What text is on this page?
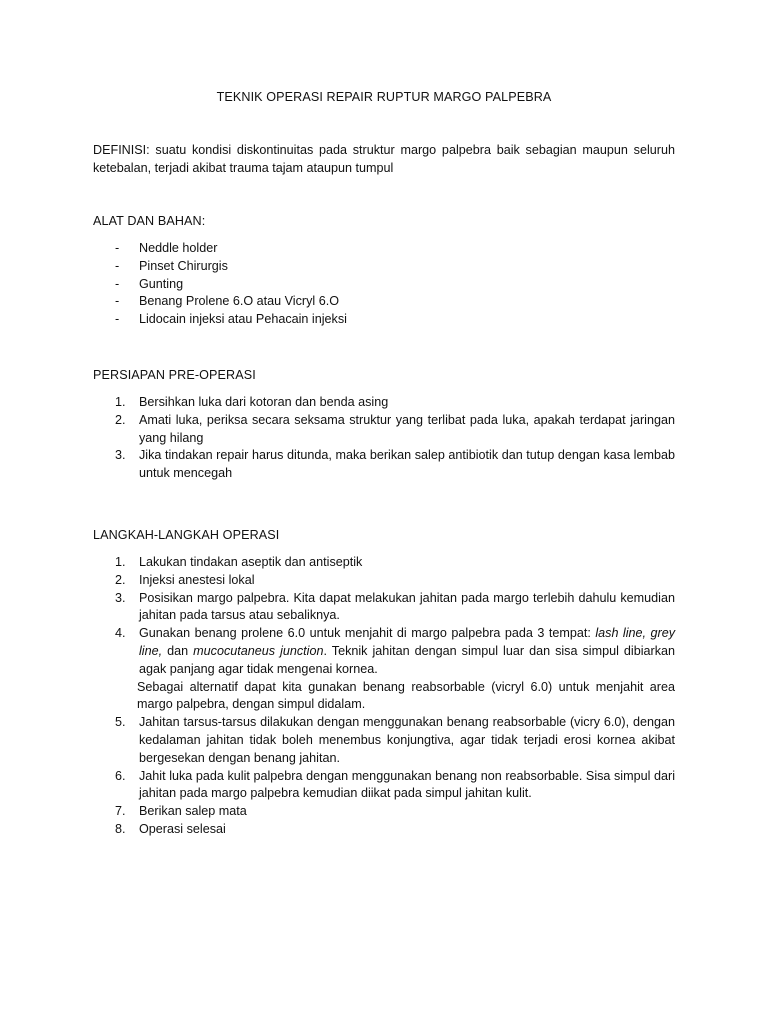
TEKNIK OPERASI REPAIR RUPTUR MARGO PALPEBRA
DEFINISI: suatu kondisi diskontinuitas pada struktur margo palpebra baik sebagian maupun seluruh ketebalan, terjadi akibat trauma tajam ataupun tumpul
ALAT DAN BAHAN:
- Neddle holder
- Pinset Chirurgis
- Gunting
- Benang Prolene 6.O atau Vicryl 6.O
- Lidocain injeksi atau Pehacain injeksi
PERSIAPAN PRE-OPERASI
1. Bersihkan luka dari kotoran dan benda asing
2. Amati luka, periksa secara seksama struktur yang terlibat pada luka, apakah terdapat jaringan yang hilang
3. Jika tindakan repair harus ditunda, maka berikan salep antibiotik dan tutup dengan kasa lembab untuk mencegah
LANGKAH-LANGKAH OPERASI
1. Lakukan tindakan aseptik dan antiseptik
2. Injeksi anestesi lokal
3. Posisikan margo palpebra. Kita dapat melakukan jahitan pada margo terlebih dahulu kemudian jahitan pada tarsus atau sebaliknya.
4. Gunakan benang prolene 6.0 untuk menjahit di margo palpebra pada 3 tempat: lash line, grey line, dan mucocutaneus junction. Teknik jahitan dengan simpul luar dan sisa simpul dibiarkan agak panjang agar tidak mengenai kornea.
Sebagai alternatif dapat kita gunakan benang reabsorbable (vicryl 6.0) untuk menjahit area margo palpebra, dengan simpul didalam.
5. Jahitan tarsus-tarsus dilakukan dengan menggunakan benang reabsorbable (vicry 6.0), dengan kedalaman jahitan tidak boleh menembus konjungtiva, agar tidak terjadi erosi kornea akibat bergesekan dengan benang jahitan.
6. Jahit luka pada kulit palpebra dengan menggunakan benang non reabsorbable. Sisa simpul dari jahitan pada margo palpebra kemudian diikat pada simpul jahitan kulit.
7. Berikan salep mata
8. Operasi selesai
